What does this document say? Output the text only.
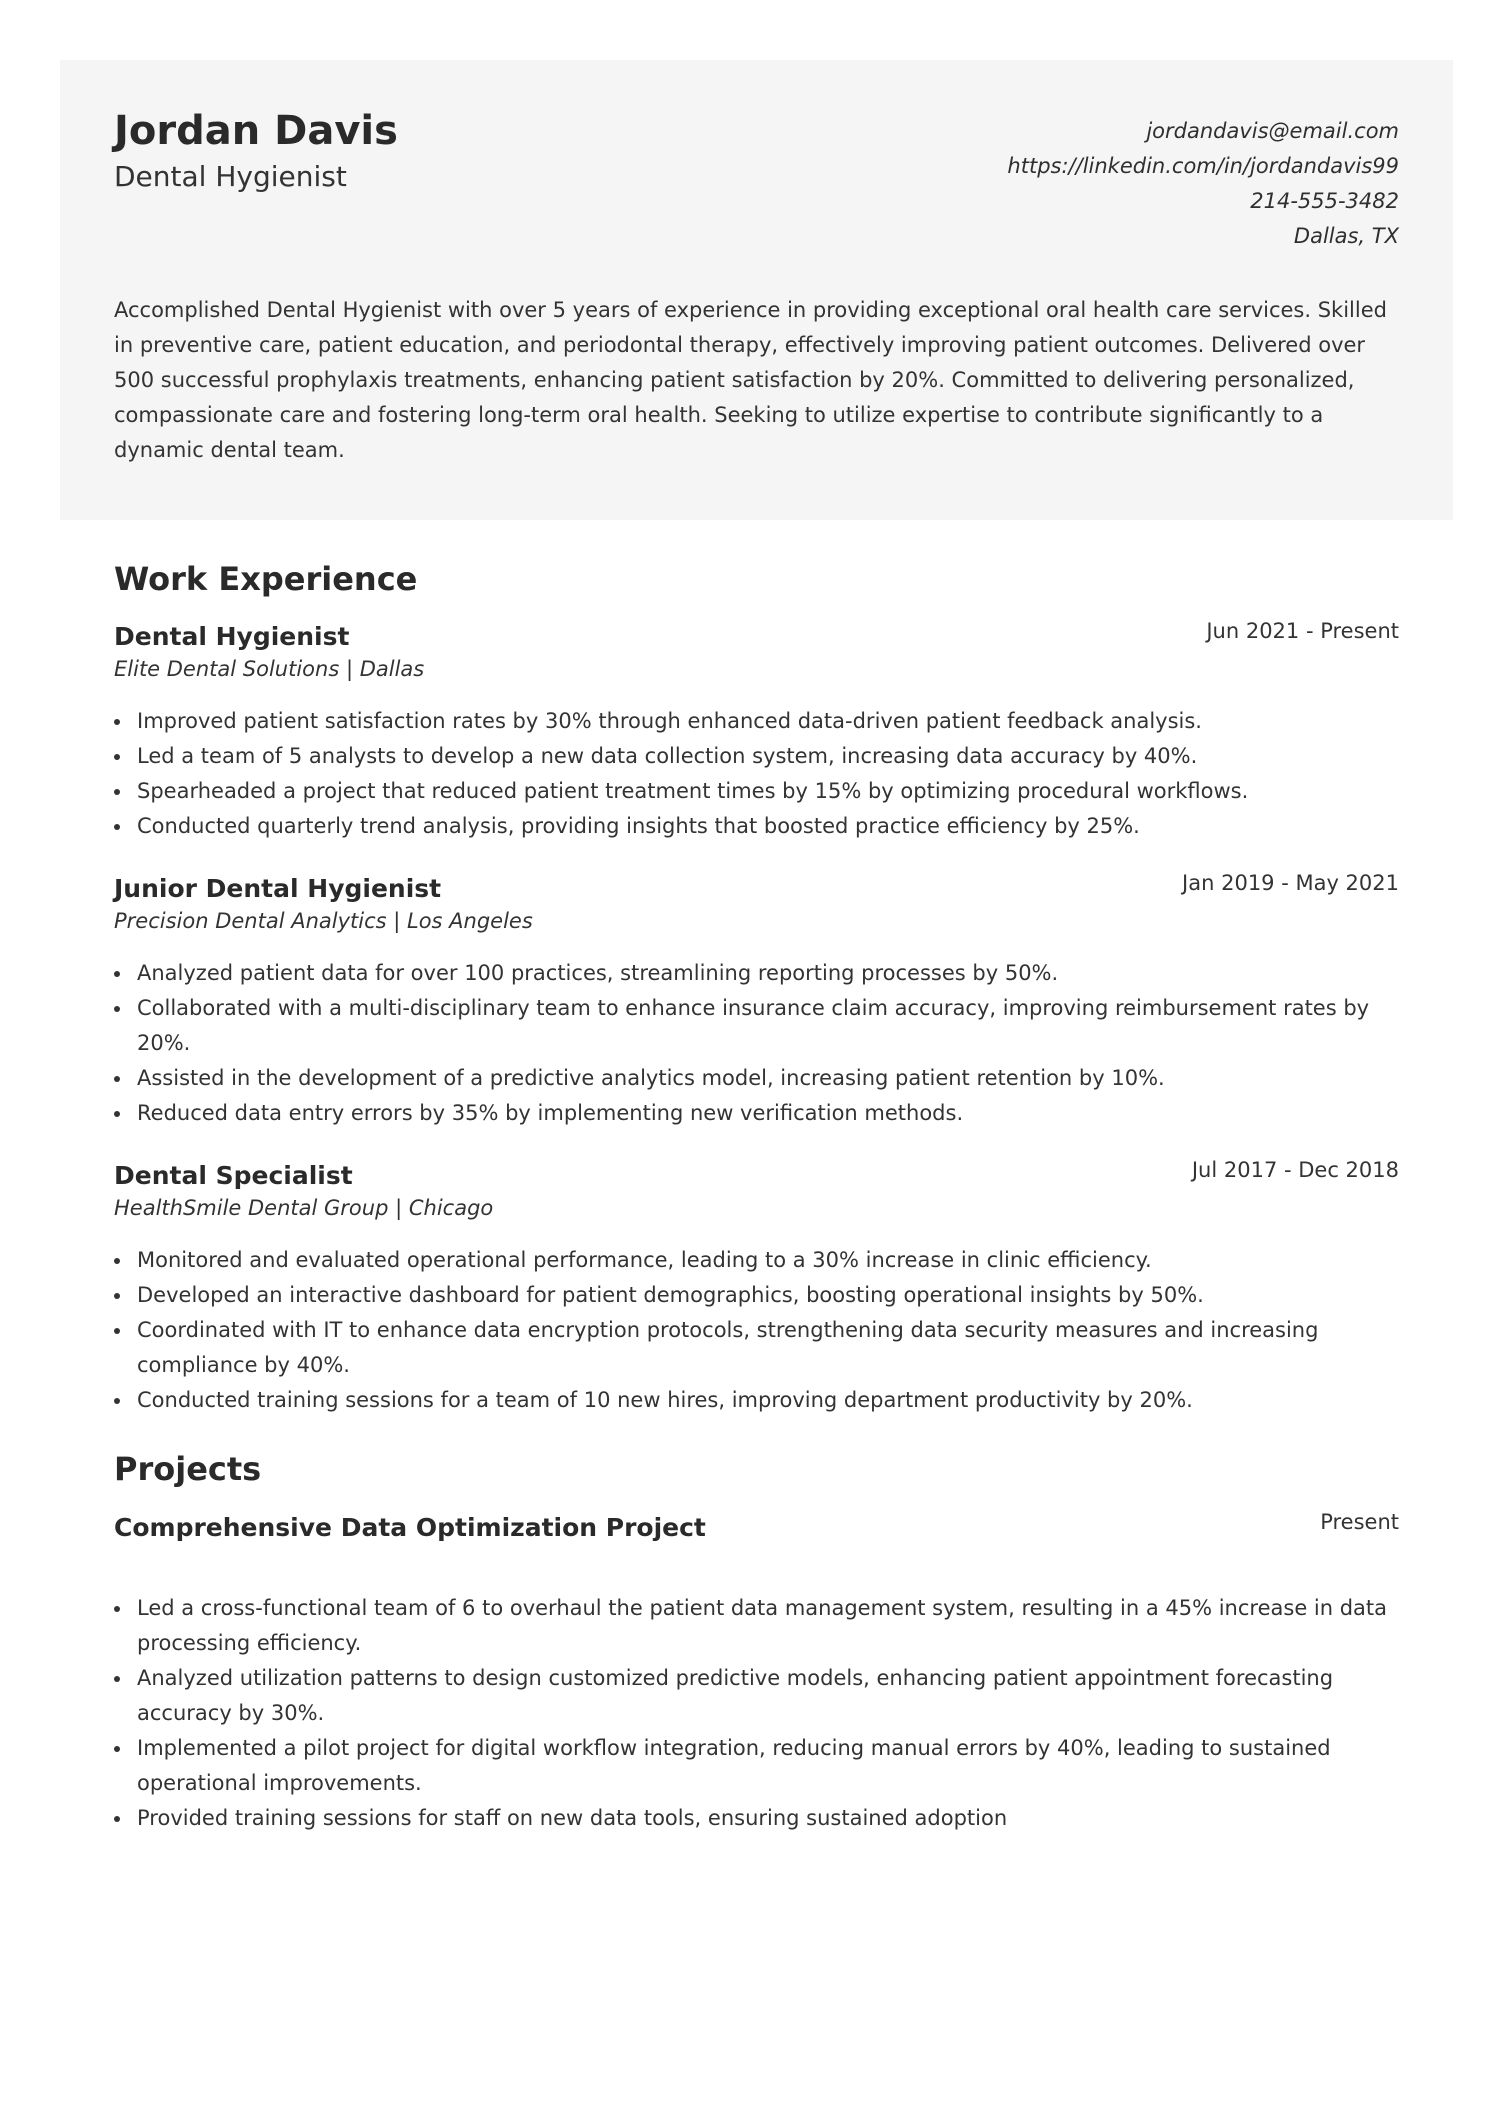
Jordan Davis
Dental Hygienist
jordandavis@email.com
https://linkedin.com/in/jordandavis99
214-555-3482
Dallas, TX

Accomplished Dental Hygienist with over 5 years of experience in providing exceptional oral health care services. Skilled in preventive care, patient education, and periodontal therapy, effectively improving patient outcomes. Delivered over 500 successful prophylaxis treatments, enhancing patient satisfaction by 20%. Committed to delivering personalized, compassionate care and fostering long-term oral health. Seeking to utilize expertise to contribute significantly to a dynamic dental team.

Work Experience
Dental Hygienist	Jun 2021 - Present
Elite Dental Solutions | Dallas
Improved patient satisfaction rates by 30% through enhanced data-driven patient feedback analysis.
Led a team of 5 analysts to develop a new data collection system, increasing data accuracy by 40%.
Spearheaded a project that reduced patient treatment times by 15% by optimizing procedural workflows.
Conducted quarterly trend analysis, providing insights that boosted practice efficiency by 25%.
Junior Dental Hygienist	Jan 2019 - May 2021
Precision Dental Analytics | Los Angeles
Analyzed patient data for over 100 practices, streamlining reporting processes by 50%.
Collaborated with a multi-disciplinary team to enhance insurance claim accuracy, improving reimbursement rates by 20%.
Assisted in the development of a predictive analytics model, increasing patient retention by 10%.
Reduced data entry errors by 35% by implementing new verification methods.
Dental Specialist	Jul 2017 - Dec 2018
HealthSmile Dental Group | Chicago
Monitored and evaluated operational performance, leading to a 30% increase in clinic efficiency.
Developed an interactive dashboard for patient demographics, boosting operational insights by 50%.
Coordinated with IT to enhance data encryption protocols, strengthening data security measures and increasing compliance by 40%.
Conducted training sessions for a team of 10 new hires, improving department productivity by 20%.
Projects
Comprehensive Data Optimization Project	Present
Led a cross-functional team of 6 to overhaul the patient data management system, resulting in a 45% increase in data processing efficiency.
Analyzed utilization patterns to design customized predictive models, enhancing patient appointment forecasting accuracy by 30%.
Implemented a pilot project for digital workflow integration, reducing manual errors by 40%, leading to sustained operational improvements.
Provided training sessions for staff on new data tools, ensuring sustained adoption
